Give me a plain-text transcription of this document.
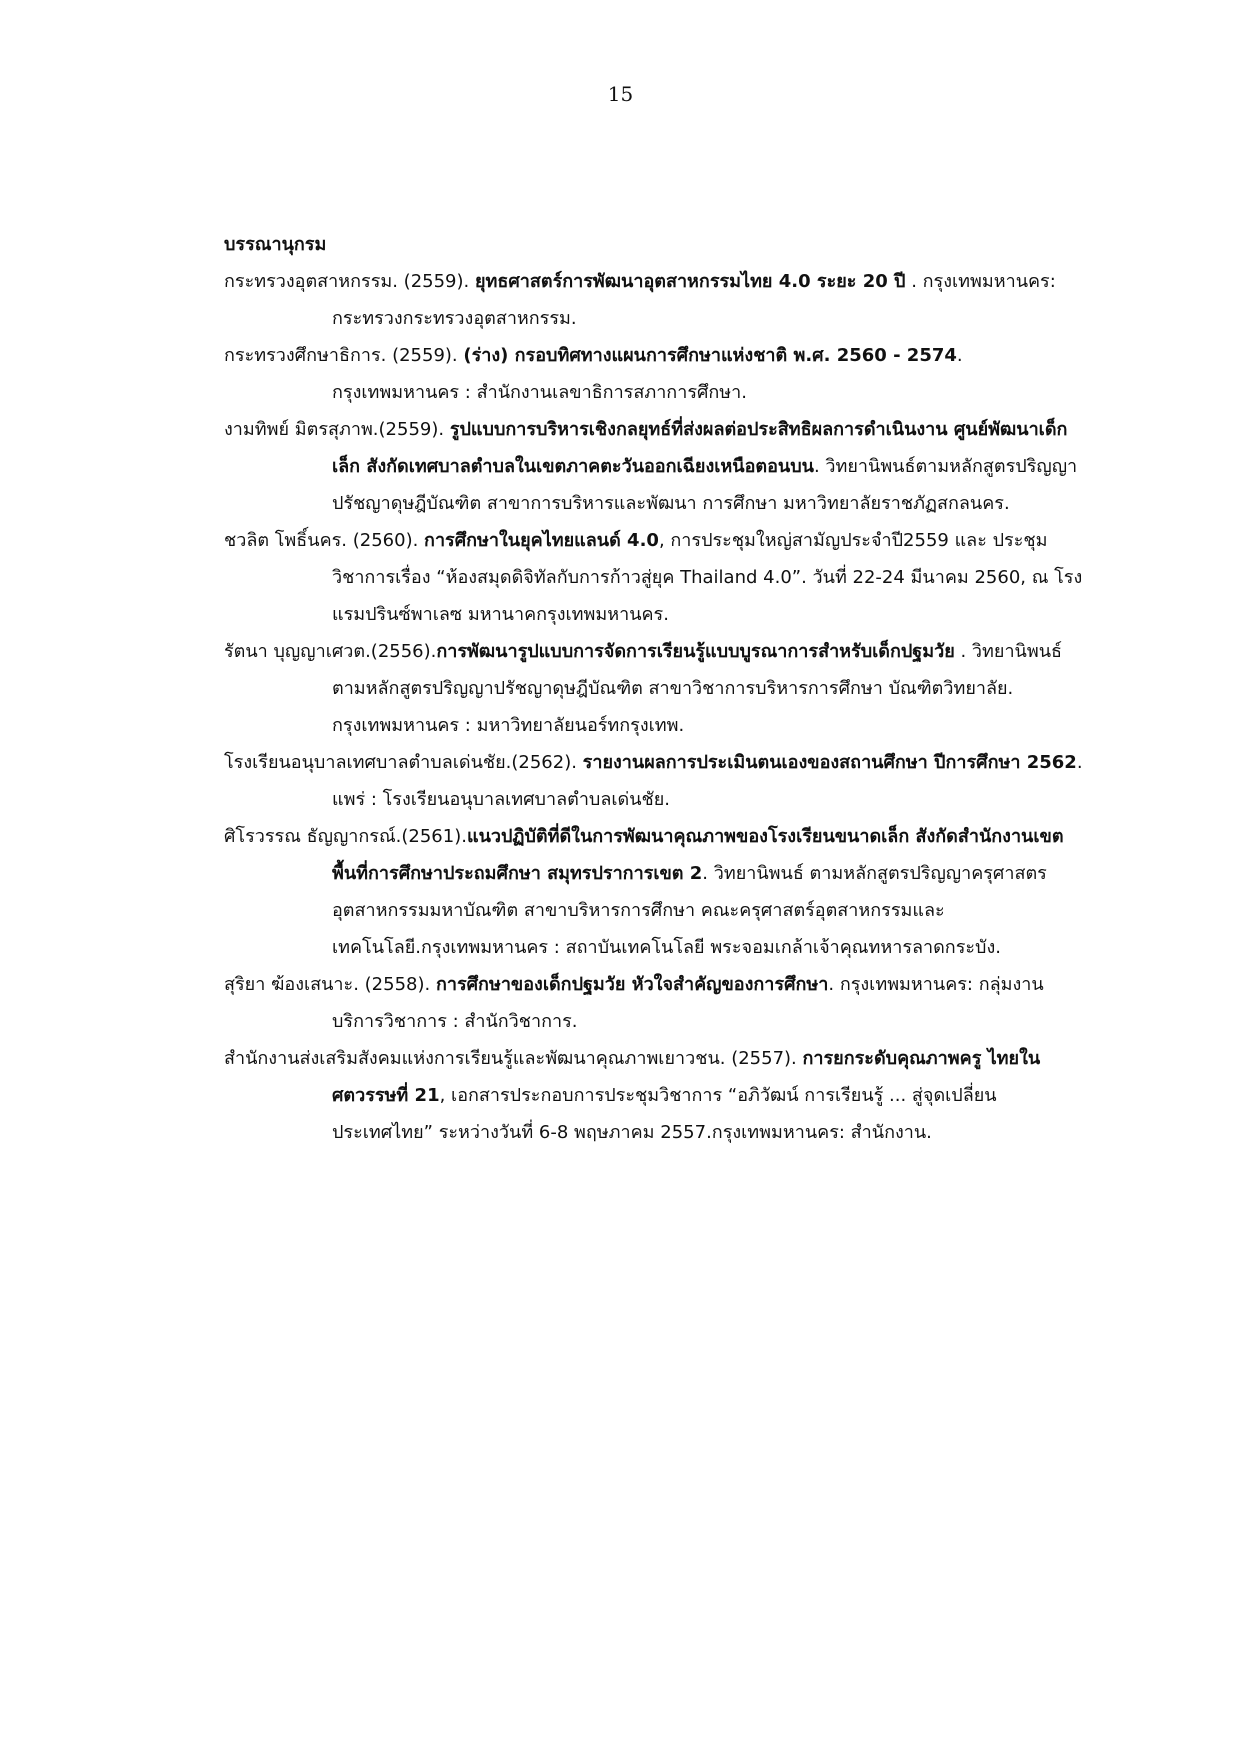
15
บรรณานุกรม
กระทรวงอุตสาหกรรม. (2559). ยุทธศาสตร์การพัฒนาอุตสาหกรรมไทย 4.0 ระยะ 20 ปี . กรุงเทพมหานคร: กระทรวงกระทรวงอุตสาหกรรม.
กระทรวงศึกษาธิการ. (2559). (ร่าง) กรอบทิศทางแผนการศึกษาแห่งชาติ พ.ศ. 2560 - 2574. กรุงเทพมหานคร : สำนักงานเลขาธิการสภาการศึกษา.
งามทิพย์ มิตรสุภาพ.(2559). รูปแบบการบริหารเชิงกลยุทธ์ที่ส่งผลต่อประสิทธิผลการดำเนินงาน ศูนย์พัฒนาเด็กเล็ก สังกัดเทศบาลตำบลในเขตภาคตะวันออกเฉียงเหนือตอนบน. วิทยานิพนธ์ตามหลักสูตรปริญญาปรัชญาดุษฎีบัณฑิต สาขาการบริหารและพัฒนา การศึกษา มหาวิทยาลัยราชภัฏสกลนคร.
ชวลิต โพธิ์นคร. (2560). การศึกษาในยุคไทยแลนด์ 4.0, การประชุมใหญ่สามัญประจำปี2559 และ ประชุมวิชาการเรื่อง “ห้องสมุดดิจิทัลกับการก้าวสู่ยุค Thailand 4.0”. วันที่ 22-24 มีนาคม 2560, ณ โรงแรมปรินซ์พาเลซ มหานาคกรุงเทพมหานคร.
รัตนา บุญญาเศวต.(2556).การพัฒนารูปแบบการจัดการเรียนรู้แบบบูรณาการสำหรับเด็กปฐมวัย . วิทยานิพนธ์ตามหลักสูตรปริญญาปรัชญาดุษฎีบัณฑิต สาขาวิชาการบริหารการศึกษา บัณฑิตวิทยาลัย. กรุงเทพมหานคร : มหาวิทยาลัยนอร์ทกรุงเทพ.
โรงเรียนอนุบาลเทศบาลตำบลเด่นชัย.(2562). รายงานผลการประเมินตนเองของสถานศึกษา ปีการศึกษา 2562. แพร่ : โรงเรียนอนุบาลเทศบาลตำบลเด่นชัย.
ศิโรวรรณ ธัญญากรณ์.(2561).แนวปฏิบัติที่ดีในการพัฒนาคุณภาพของโรงเรียนขนาดเล็ก สังกัดสำนักงานเขตพื้นที่การศึกษาประถมศึกษา สมุทรปราการเขต 2. วิทยานิพนธ์ ตามหลักสูตรปริญญาครุศาสตรอุตสาหกรรมมหาบัณฑิต สาขาบริหารการศึกษา คณะครุศาสตร์อุตสาหกรรมและเทคโนโลยี.กรุงเทพมหานคร : สถาบันเทคโนโลยี พระจอมเกล้าเจ้าคุณทหารลาดกระบัง.
สุริยา ฆ้องเสนาะ. (2558). การศึกษาของเด็กปฐมวัย หัวใจสำคัญของการศึกษา. กรุงเทพมหานคร: กลุ่มงานบริการวิชาการ : สำนักวิชาการ.
สำนักงานส่งเสริมสังคมแห่งการเรียนรู้และพัฒนาคุณภาพเยาวชน. (2557). การยกระดับคุณภาพครู ไทยในศตวรรษที่ 21, เอกสารประกอบการประชุมวิชาการ “อภิวัฒน์ การเรียนรู้ ... สู่จุดเปลี่ยน ประเทศไทย” ระหว่างวันที่ 6-8 พฤษภาคม 2557.กรุงเทพมหานคร: สำนักงาน.
